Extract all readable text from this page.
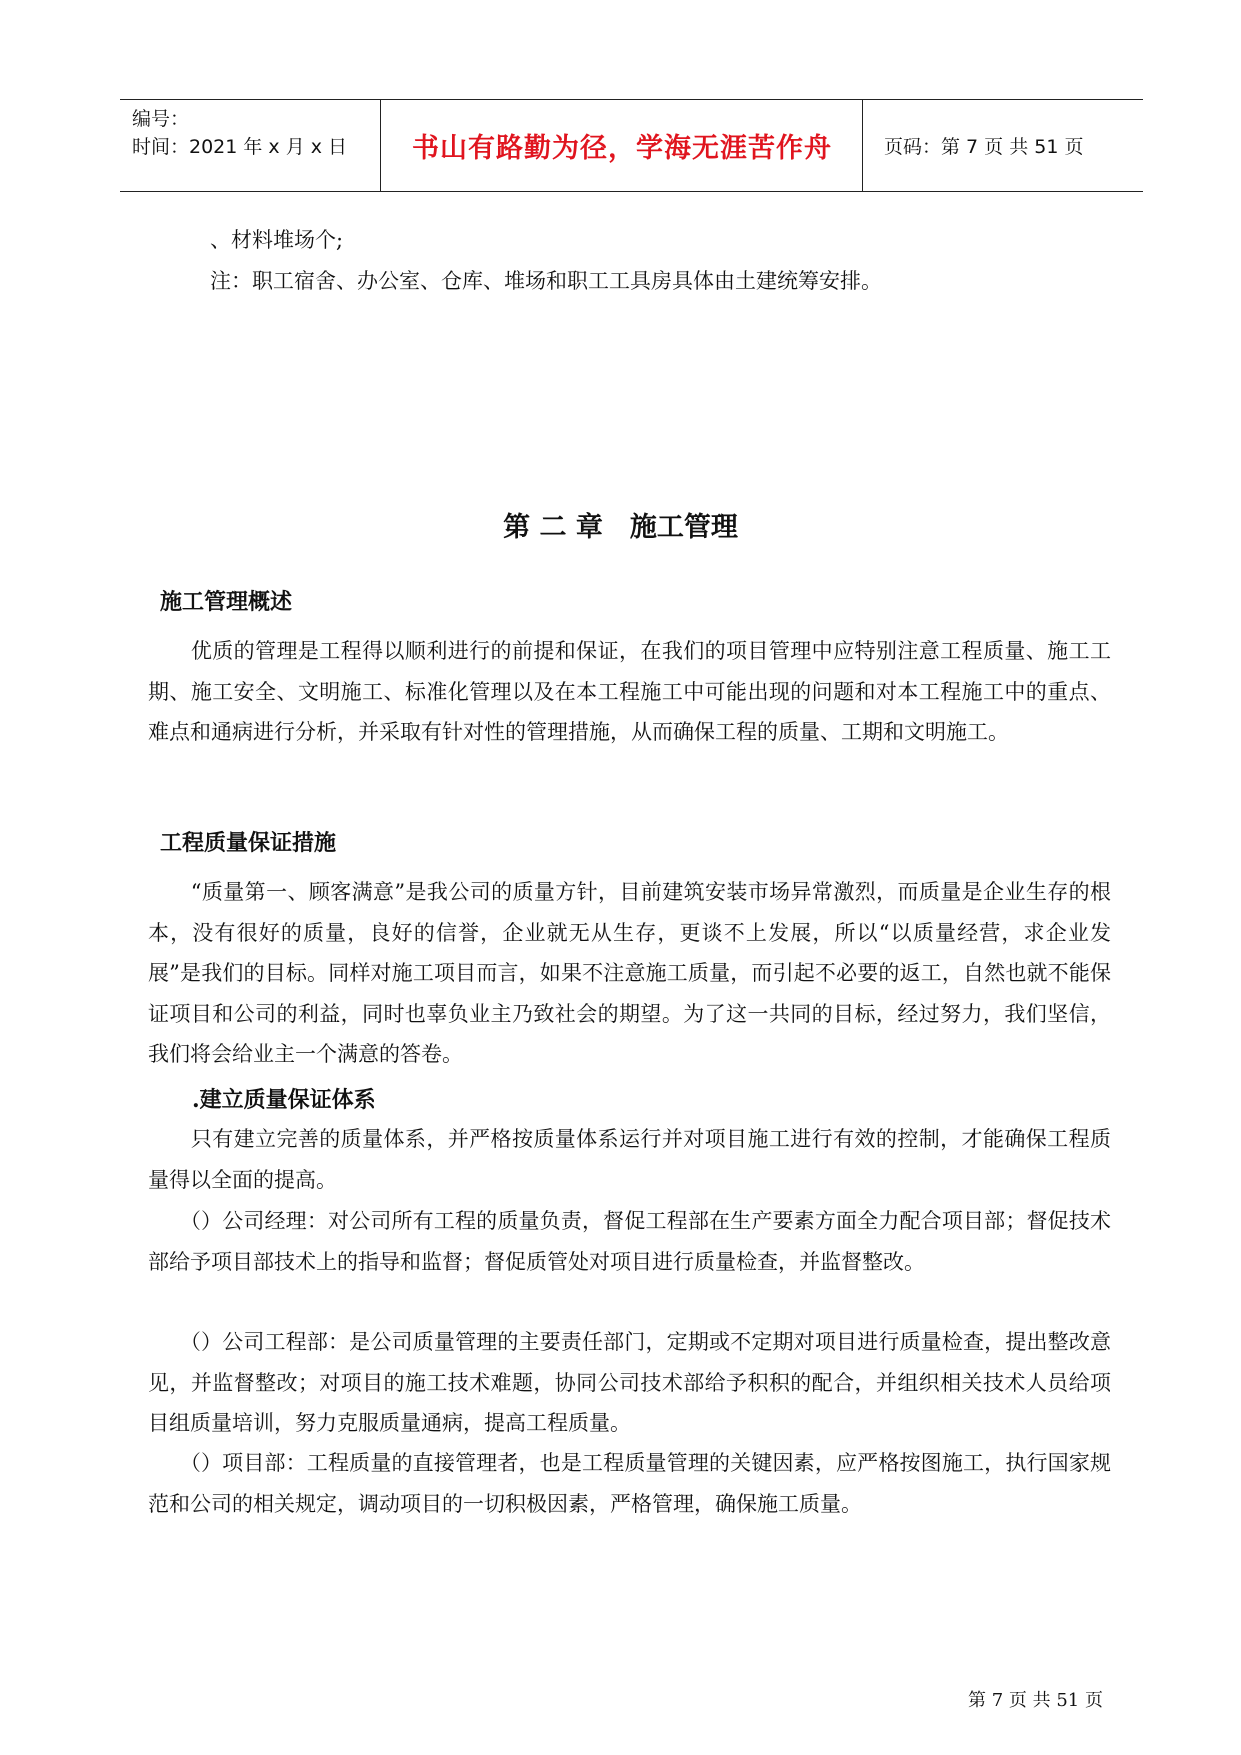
编号：
时间：2021 年 x 月 x 日	书山有路勤为径，学海无涯苦作舟	页码：第 7 页 共 51 页
、材料堆场个;
注：职工宿舍、办公室、仓库、堆场和职工工具房具体由土建统筹安排。
第 二 章　施工管理
施工管理概述
　　优质的管理是工程得以顺利进行的前提和保证，在我们的项目管理中应特别注意工程质量、施工工期、施工安全、文明施工、标准化管理以及在本工程施工中可能出现的问题和对本工程施工中的重点、难点和通病进行分析，并采取有针对性的管理措施，从而确保工程的质量、工期和文明施工。
工程质量保证措施
　　“质量第一、顾客满意”是我公司的质量方针，目前建筑安装市场异常激烈，而质量是企业生存的根本，没有很好的质量，良好的信誉，企业就无从生存，更谈不上发展，所以“以质量经营，求企业发展”是我们的目标。同样对施工项目而言，如果不注意施工质量，而引起不必要的返工，自然也就不能保证项目和公司的利益，同时也辜负业主乃致社会的期望。为了这一共同的目标，经过努力，我们坚信，我们将会给业主一个满意的答卷。
.建立质量保证体系
　　只有建立完善的质量体系，并严格按质量体系运行并对项目施工进行有效的控制，才能确保工程质量得以全面的提高。
　　（）公司经理：对公司所有工程的质量负责，督促工程部在生产要素方面全力配合项目部；督促技术部给予项目部技术上的指导和监督；督促质管处对项目进行质量检查，并监督整改。
　　（）公司工程部：是公司质量管理的主要责任部门，定期或不定期对项目进行质量检查，提出整改意见，并监督整改；对项目的施工技术难题，协同公司技术部给予积积的配合，并组织相关技术人员给项目组质量培训，努力克服质量通病，提高工程质量。
　　（）项目部：工程质量的直接管理者，也是工程质量管理的关键因素，应严格按图施工，执行国家规范和公司的相关规定，调动项目的一切积极因素，严格管理，确保施工质量。
第 7 页 共 51 页
